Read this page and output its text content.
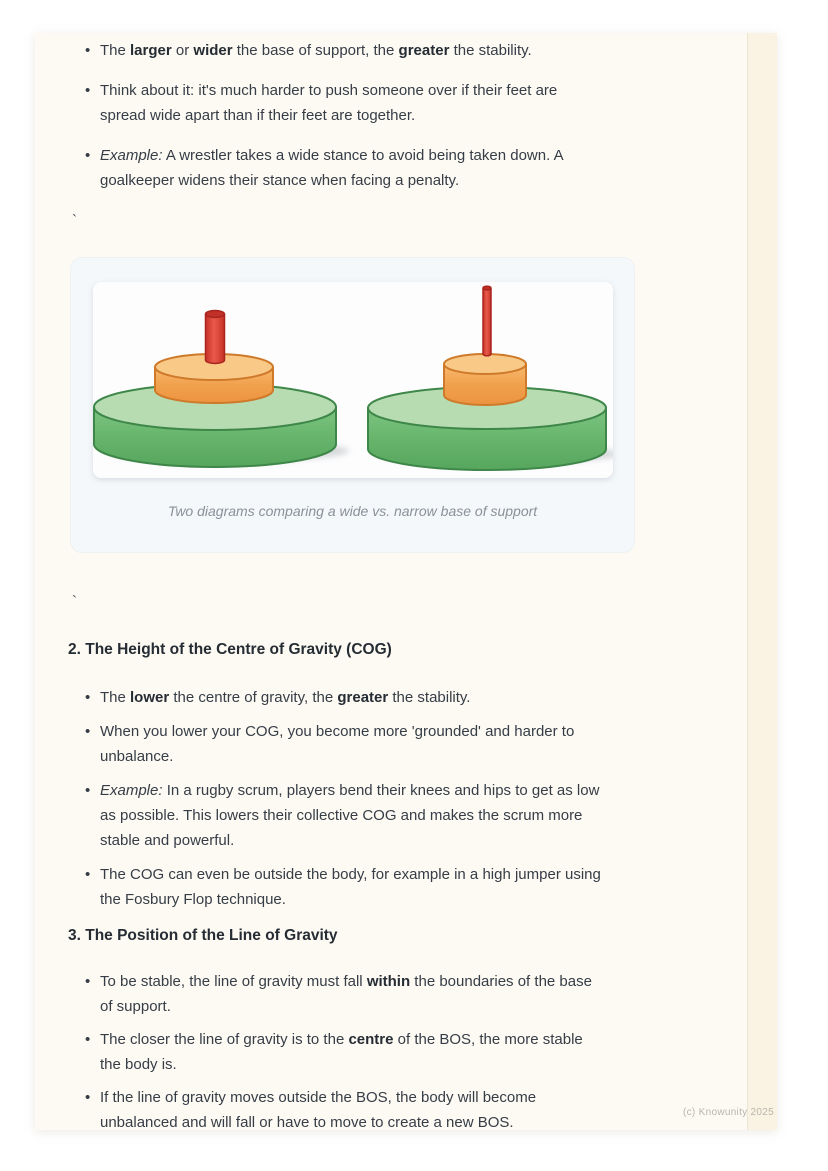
• The larger or wider the base of support, the greater the stability.
• Think about it: it's much harder to push someone over if their feet are
spread wide apart than if their feet are together.
• Example: A wrestler takes a wide stance to avoid being taken down. A
goalkeeper widens their stance when facing a penalty.

`

Two diagrams comparing a wide vs. narrow base of support

`

2. The Height of the Centre of Gravity (COG)
• The lower the centre of gravity, the greater the stability.
• When you lower your COG, you become more 'grounded' and harder to
unbalance.
• Example: In a rugby scrum, players bend their knees and hips to get as low
as possible. This lowers their collective COG and makes the scrum more
stable and powerful.
• The COG can even be outside the body, for example in a high jumper using
the Fosbury Flop technique.
3. The Position of the Line of Gravity
• To be stable, the line of gravity must fall within the boundaries of the base
of support.
• The closer the line of gravity is to the centre of the BOS, the more stable
the body is.
• If the line of gravity moves outside the BOS, the body will become
unbalanced and will fall or have to move to create a new BOS.
(c) Knowunity 2025
